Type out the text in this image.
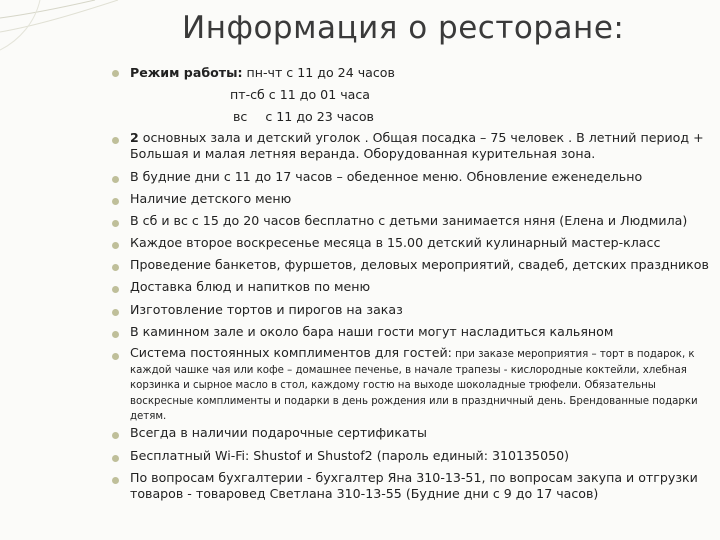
Информация о ресторане:
Режим работы: пн-чт с 11 до 24 часов
пт-сб с 11 до 01 часа
вс с 11 до 23 часов
2 основных зала и детский уголок . Общая посадка – 75 человек . В летний период + Большая и малая летняя веранда. Оборудованная курительная зона.
В будние дни с 11 до 17 часов – обеденное меню. Обновление еженедельно
Наличие детского меню
В сб и вс с 15 до 20 часов бесплатно с детьми занимается няня (Елена и Людмила)
Каждое второе воскресенье месяца в 15.00 детский кулинарный мастер-класс
Проведение банкетов, фуршетов, деловых мероприятий, свадеб, детских праздников
Доставка блюд и напитков по меню
Изготовление тортов и пирогов на заказ
В каминном зале и около бара наши гости могут насладиться кальяном
Система постоянных комплиментов для гостей: при заказе мероприятия – торт в подарок, к каждой чашке чая или кофе – домашнее печенье, в начале трапезы - кислородные коктейли, хлебная корзинка и сырное масло в стол, каждому гостю на выходе шоколадные трюфели. Обязательны воскресные комплименты и подарки в день рождения или в праздничный день. Брендованные подарки детям.
Всегда в наличии подарочные сертификаты
Бесплатный Wi-Fi: Shustof и Shustof2 (пароль единый: 310135050)
По вопросам бухгалтерии - бухгалтер Яна 310-13-51, по вопросам закупа и отгрузки товаров - товаровед Светлана 310-13-55 (Будние дни с 9 до 17 часов)
